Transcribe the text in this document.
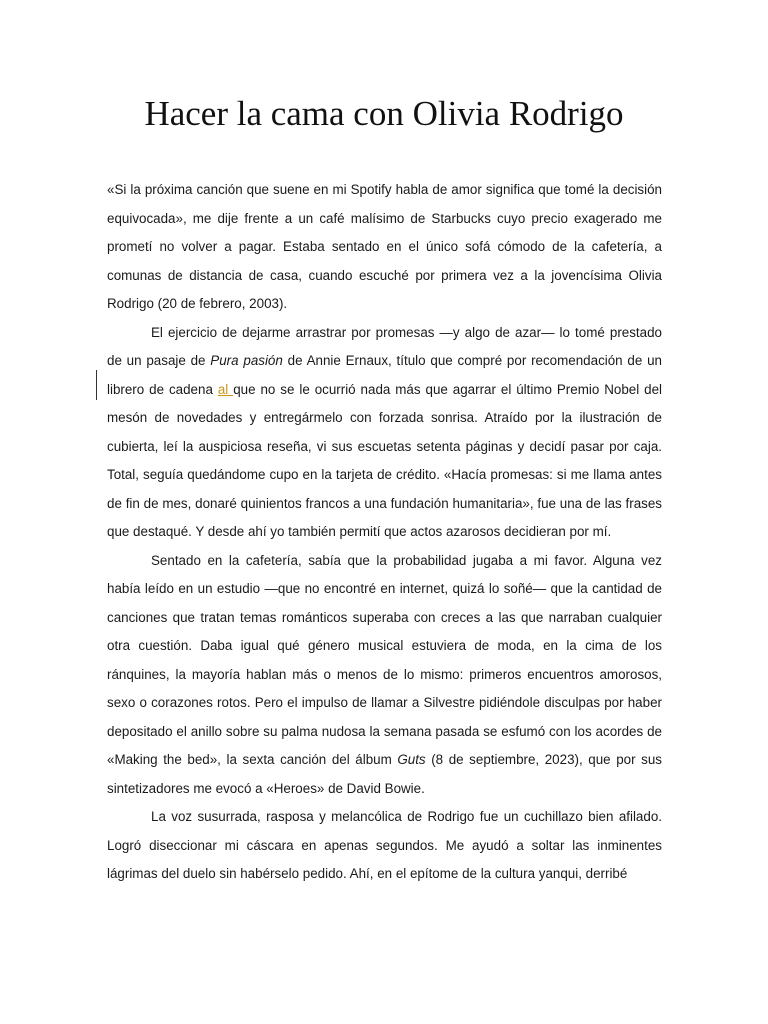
Hacer la cama con Olivia Rodrigo

«Si la próxima canción que suene en mi Spotify habla de amor significa que tomé la decisión equivocada», me dije frente a un café malísimo de Starbucks cuyo precio exagerado me prometí no volver a pagar. Estaba sentado en el único sofá cómodo de la cafetería, a comunas de distancia de casa, cuando escuché por primera vez a la jovencísima Olivia Rodrigo (20 de febrero, 2003).

El ejercicio de dejarme arrastrar por promesas —y algo de azar— lo tomé prestado de un pasaje de Pura pasión de Annie Ernaux, título que compré por recomendación de un librero de cadena al que no se le ocurrió nada más que agarrar el último Premio Nobel del mesón de novedades y entregármelo con forzada sonrisa. Atraído por la ilustración de cubierta, leí la auspiciosa reseña, vi sus escuetas setenta páginas y decidí pasar por caja. Total, seguía quedándome cupo en la tarjeta de crédito. «Hacía promesas: si me llama antes de fin de mes, donaré quinientos francos a una fundación humanitaria», fue una de las frases que destaqué. Y desde ahí yo también permití que actos azarosos decidieran por mí.

Sentado en la cafetería, sabía que la probabilidad jugaba a mi favor. Alguna vez había leído en un estudio —que no encontré en internet, quizá lo soñé— que la cantidad de canciones que tratan temas románticos superaba con creces a las que narraban cualquier otra cuestión. Daba igual qué género musical estuviera de moda, en la cima de los ránquines, la mayoría hablan más o menos de lo mismo: primeros encuentros amorosos, sexo o corazones rotos. Pero el impulso de llamar a Silvestre pidiéndole disculpas por haber depositado el anillo sobre su palma nudosa la semana pasada se esfumó con los acordes de «Making the bed», la sexta canción del álbum Guts (8 de septiembre, 2023), que por sus sintetizadores me evocó a «Heroes» de David Bowie.

La voz susurrada, rasposa y melancólica de Rodrigo fue un cuchillazo bien afilado. Logró diseccionar mi cáscara en apenas segundos. Me ayudó a soltar las inminentes lágrimas del duelo sin habérselo pedido. Ahí, en el epítome de la cultura yanqui, derribé
